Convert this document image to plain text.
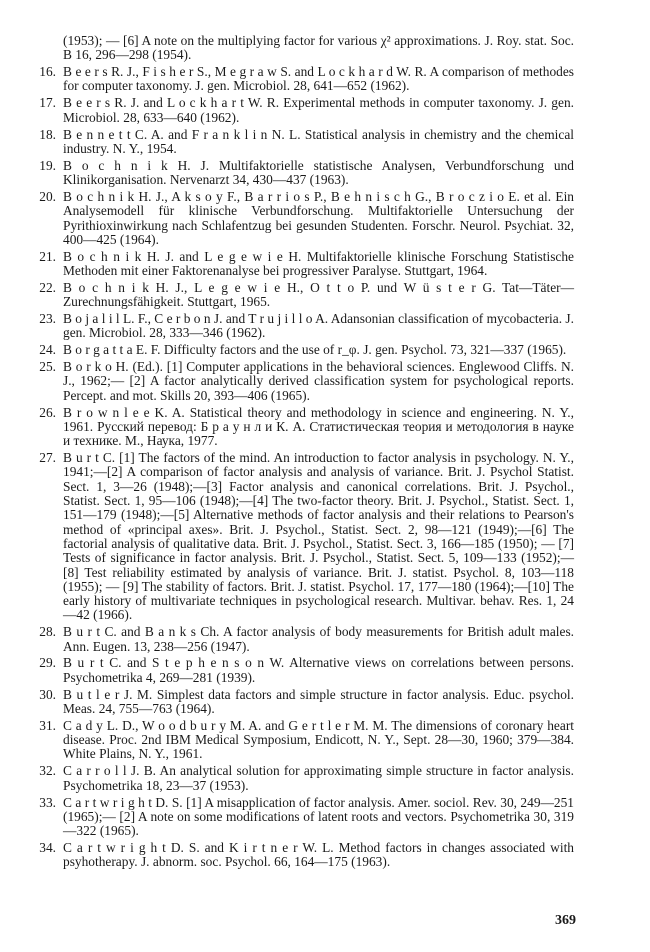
(1953); — [6] A note on the multiplying factor for various χ² approximations. J. Roy. stat. Soc. B 16, 296—298 (1954).
16. B e e r s R. J., F i s h e r S., M e g r a w S. and L o c k h a r d W. R. A comparison of methodes for computer taxonomy. J. gen. Microbiol. 28, 641—652 (1962).
17. B e e r s R. J. and L o c k h a r t W. R. Experimental methods in computer taxonomy. J. gen. Microbiol. 28, 633—640 (1962).
18. B e n n e t t C. A. and F r a n k l i n N. L. Statistical analysis in chemistry and the chemical industry. N. Y., 1954.
19. B o c h n i k H. J. Multifaktorielle statistische Analysen, Verbundforschung und Klinikorganisation. Nervenarzt 34, 430—437 (1963).
20. B o c h n i k H. J., A k s o y F., B a r r i o s P., B e h n i s c h G., B r o c z i o E. et al. Ein Analysemodell für klinische Verbundforschung. Multifaktorielle Untersuchung der Pyrithioxinwirkung nach Schlafentzug bei gesunden Studenten. Forschr. Neurol. Psychiat. 32, 400—425 (1964).
21. B o c h n i k H. J. and L e g e w i e H. Multifaktorielle klinische Forschung Statistische Methoden mit einer Faktorenanalyse bei progressiver Paralyse. Stuttgart, 1964.
22. B o c h n i k H. J., L e g e w i e H., O t t o P. und W ü s t e r G. Tat—Täter—Zurechnungsfähigkeit. Stuttgart, 1965.
23. B o j a l i l L. F., C e r b o n J. and T r u j i l l o A. Adansonian classification of mycobacteria. J. gen. Microbiol. 28, 333—346 (1962).
24. B o r g a t t a E. F. Difficulty factors and the use of r_φ. J. gen. Psychol. 73, 321—337 (1965).
25. B o r k o H. (Ed.). [1] Computer applications in the behavioral sciences. Englewood Cliffs. N. J., 1962;— [2] A factor analytically derived classification system for psychological reports. Percept. and mot. Skills 20, 393—406 (1965).
26. B r o w n l e e K. A. Statistical theory and methodology in science and engineering. N. Y., 1961. Русский перевод: Б р а у н л и К. А. Статистическая теория и методология в науке и технике. М., Наука, 1977.
27. B u r t C. [1] The factors of the mind. An introduction to factor analysis in psychology. N. Y., 1941;—[2] A comparison of factor analysis and analysis of variance. Brit. J. Psychol Statist. Sect. 1, 3—26 (1948);—[3] Factor analysis and canonical correlations. Brit. J. Psychol., Statist. Sect. 1, 95—106 (1948);—[4] The two-factor theory. Brit. J. Psychol., Statist. Sect. 1, 151—179 (1948);—[5] Alternative methods of factor analysis and their relations to Pearson's method of «principal axes». Brit. J. Psychol., Statist. Sect. 2, 98—121 (1949);—[6] The factorial analysis of qualitative data. Brit. J. Psychol., Statist. Sect. 3, 166—185 (1950); — [7] Tests of significance in factor analysis. Brit. J. Psychol., Statist. Sect. 5, 109—133 (1952);— [8] Test reliability estimated by analysis of variance. Brit. J. statist. Psychol. 8, 103—118 (1955); — [9] The stability of factors. Brit. J. statist. Psychol. 17, 177—180 (1964);—[10] The early history of multivariate techniques in psychological research. Multivar. behav. Res. 1, 24—42 (1966).
28. B u r t C. and B a n k s Ch. A factor analysis of body measurements for British adult males. Ann. Eugen. 13, 238—256 (1947).
29. B u r t C. and S t e p h e n s o n W. Alternative views on correlations between persons. Psychometrika 4, 269—281 (1939).
30. B u t l e r J. M. Simplest data factors and simple structure in factor analysis. Educ. psychol. Meas. 24, 755—763 (1964).
31. C a d y L. D., W o o d b u r y M. A. and G e r t l e r M. M. The dimensions of coronary heart disease. Proc. 2nd IBM Medical Symposium, Endicott, N. Y., Sept. 28—30, 1960; 379—384. White Plains, N. Y., 1961.
32. C a r r o l l J. B. An analytical solution for approximating simple structure in factor analysis. Psychometrika 18, 23—37 (1953).
33. C a r t w r i g h t D. S. [1] A misapplication of factor analysis. Amer. sociol. Rev. 30, 249—251 (1965);— [2] A note on some modifications of latent roots and vectors. Psychometrika 30, 319—322 (1965).
34. C a r t w r i g h t D. S. and K i r t n e r W. L. Method factors in changes associated with psyhotherapy. J. abnorm. soc. Psychol. 66, 164—175 (1963).
369
